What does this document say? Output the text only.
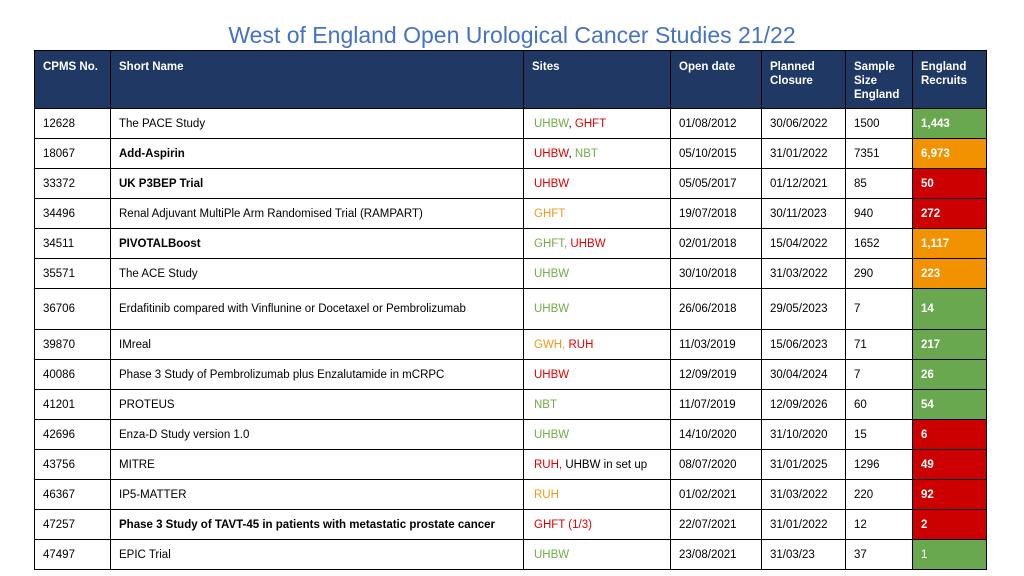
West of England Open Urological Cancer Studies 21/22
CPMS No.	Short Name	Sites	Open date	Planned Closure	Sample Size England	England Recruits
12628	The PACE Study	UHBW, GHFT	01/08/2012	30/06/2022	1500	1,443
18067	Add-Aspirin	UHBW, NBT	05/10/2015	31/01/2022	7351	6,973
33372	UK P3BEP Trial	UHBW	05/05/2017	01/12/2021	85	50
34496	Renal Adjuvant MultiPle Arm Randomised Trial (RAMPART)	GHFT	19/07/2018	30/11/2023	940	272
34511	PIVOTALBoost	GHFT, UHBW	02/01/2018	15/04/2022	1652	1,117
35571	The ACE Study	UHBW	30/10/2018	31/03/2022	290	223
36706	Erdafitinib compared with Vinflunine or Docetaxel or Pembrolizumab	UHBW	26/06/2018	29/05/2023	7	14
39870	IMreal	GWH, RUH	11/03/2019	15/06/2023	71	217
40086	Phase 3 Study of Pembrolizumab plus Enzalutamide in mCRPC	UHBW	12/09/2019	30/04/2024	7	26
41201	PROTEUS	NBT	11/07/2019	12/09/2026	60	54
42696	Enza-D Study version 1.0	UHBW	14/10/2020	31/10/2020	15	6
43756	MITRE	RUH, UHBW in set up	08/07/2020	31/01/2025	1296	49
46367	IP5-MATTER	RUH	01/02/2021	31/03/2022	220	92
47257	Phase 3 Study of TAVT-45 in patients with metastatic prostate cancer	GHFT (1/3)	22/07/2021	31/01/2022	12	2
47497	EPIC Trial	UHBW	23/08/2021	31/03/23	37	1
